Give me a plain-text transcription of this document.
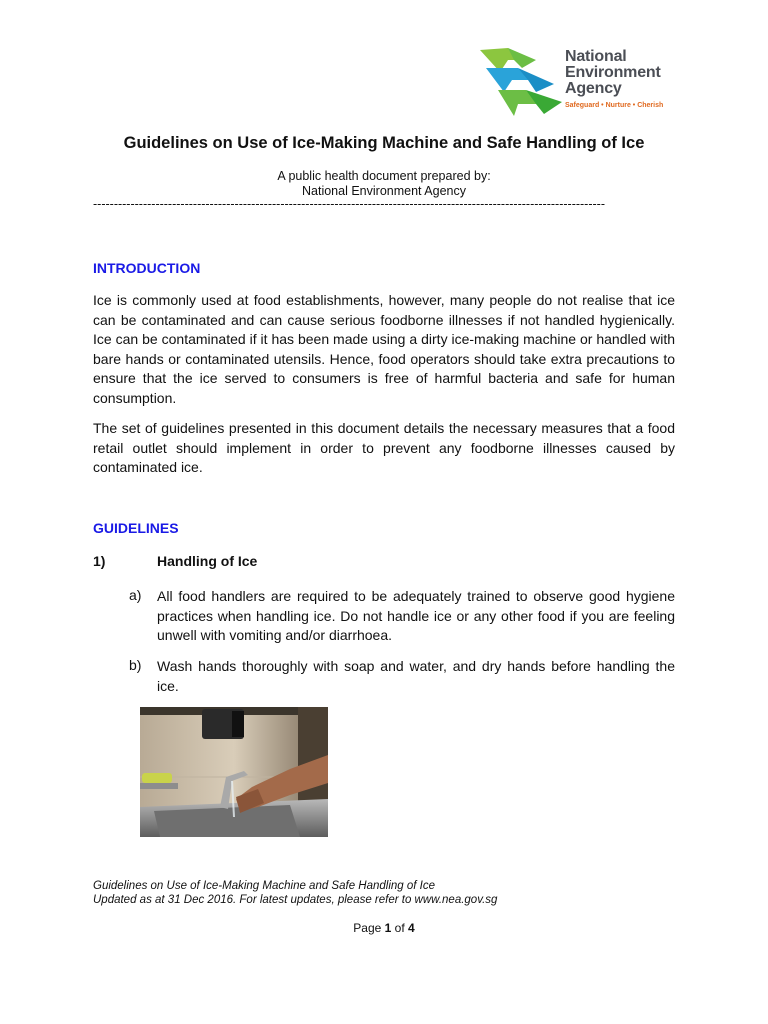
National
Environment
Agency
Safeguard • Nurture • Cherish
Guidelines on Use of Ice-Making Machine and Safe Handling of Ice
A public health document prepared by:
National Environment Agency
---------------------------------------------------------------------------------------------------------------------------
INTRODUCTION
Ice is commonly used at food establishments, however, many people do not realise that ice can be contaminated and can cause serious foodborne illnesses if not handled hygienically. Ice can be contaminated if it has been made using a dirty ice-making machine or handled with bare hands or contaminated utensils. Hence, food operators should take extra precautions to ensure that the ice served to consumers is free of harmful bacteria and safe for human consumption.
The set of guidelines presented in this document details the necessary measures that a food retail outlet should implement in order to prevent any foodborne illnesses caused by contaminated ice.
GUIDELINES
1)	Handling of Ice
a) All food handlers are required to be adequately trained to observe good hygiene practices when handling ice. Do not handle ice or any other food if you are feeling unwell with vomiting and/or diarrhoea.
b) Wash hands thoroughly with soap and water, and dry hands before handling the ice.
Guidelines on Use of Ice-Making Machine and Safe Handling of Ice
Updated as at 31 Dec 2016. For latest updates, please refer to www.nea.gov.sg
Page 1 of 4
